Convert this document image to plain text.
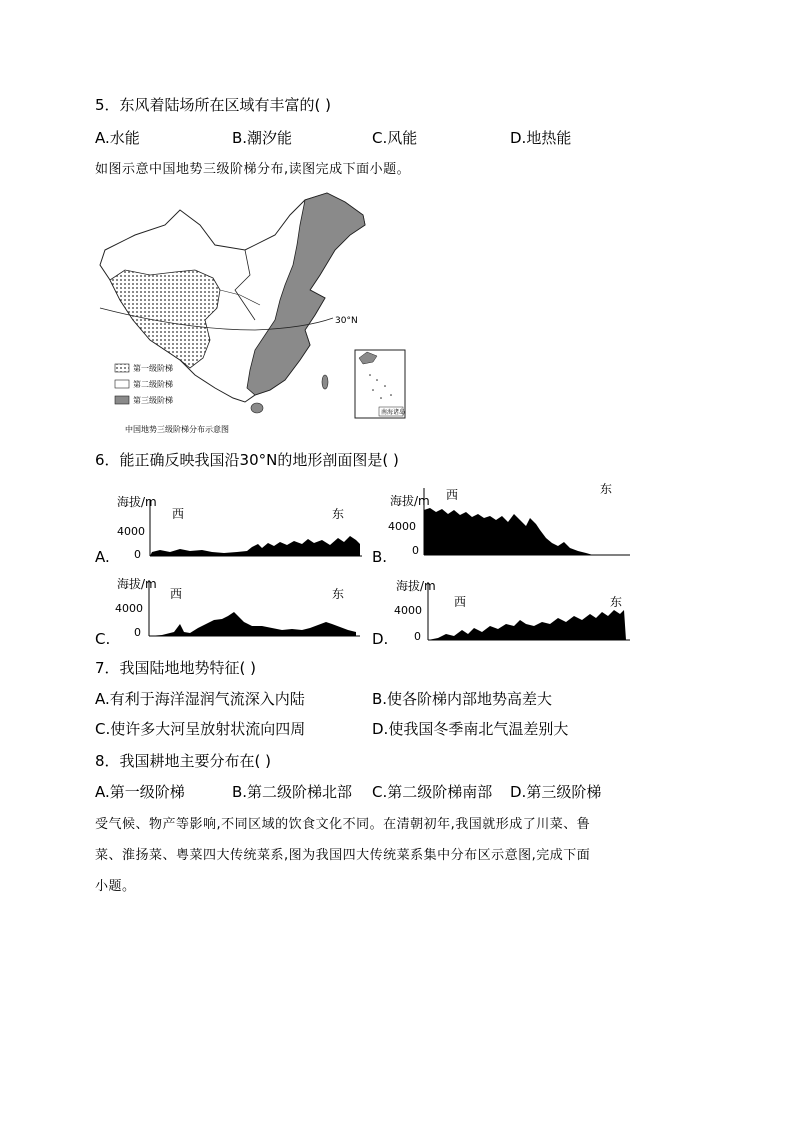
5．东风着陆场所在区域有丰富的( )
A.水能	B.潮汐能	C.风能	D.地热能
如图示意中国地势三级阶梯分布,读图完成下面小题。
30°N
第一级阶梯
第二级阶梯
第三级阶梯
南海诸岛
中国地势三级阶梯分布示意图
6．能正确反映我国沿30°N的地形剖面图是( )
A.
海拔/m
4000
0
西	东
B.
海拔/m
4000
0
西	东
C.
海拔/m
4000
0
西	东
D.
海拔/m
4000
0
西	东
7．我国陆地地势特征( )
A.有利于海洋湿润气流深入内陆	B.使各阶梯内部地势高差大
C.使许多大河呈放射状流向四周	D.使我国冬季南北气温差别大
8．我国耕地主要分布在( )
A.第一级阶梯	B.第二级阶梯北部 C.第二级阶梯南部 D.第三级阶梯
受气候、物产等影响,不同区域的饮食文化不同。在清朝初年,我国就形成了川菜、鲁
菜、淮扬菜、粤菜四大传统菜系,图为我国四大传统菜系集中分布区示意图,完成下面
小题。
